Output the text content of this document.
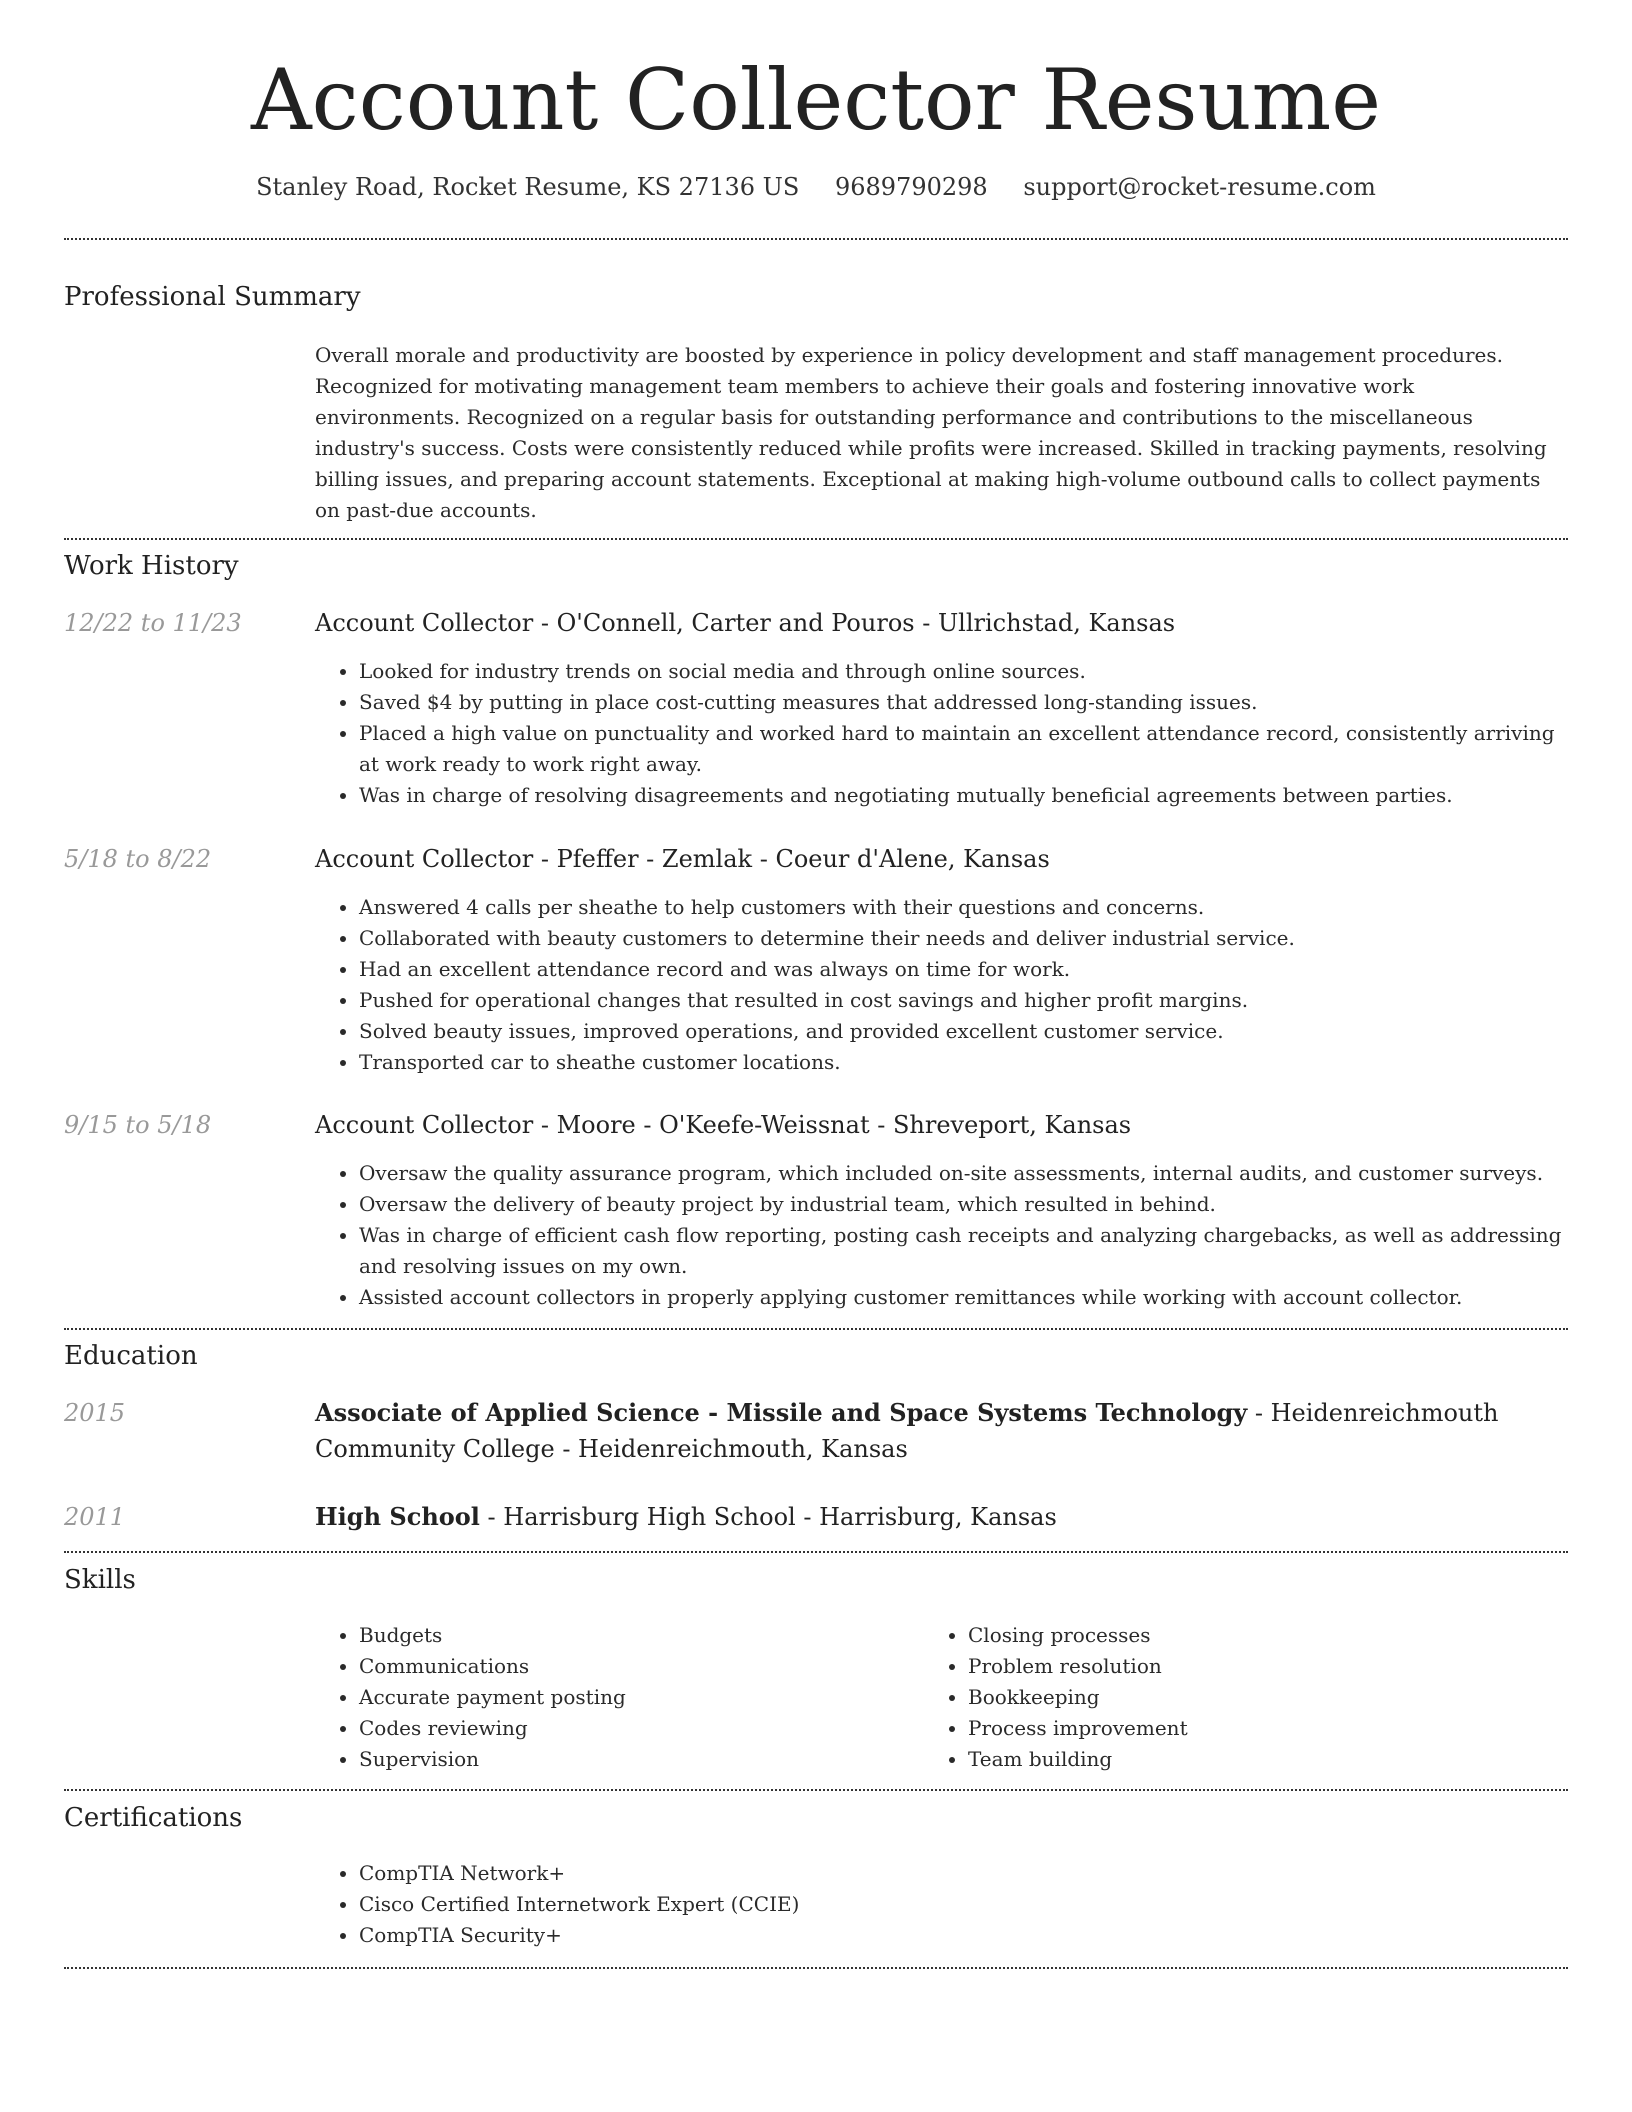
Account Collector Resume
Stanley Road, Rocket Resume, KS 27136 US 9689790298 support@rocket-resume.com
Professional Summary

Overall morale and productivity are boosted by experience in policy development and staff management procedures. Recognized for motivating management team members to achieve their goals and fostering innovative work environments. Recognized on a regular basis for outstanding performance and contributions to the miscellaneous industry's success. Costs were consistently reduced while profits were increased. Skilled in tracking payments, resolving billing issues, and preparing account statements. Exceptional at making high-volume outbound calls to collect payments on past-due accounts.

Work History
12/22 to 11/23	Account Collector - O'Connell, Carter and Pouros - Ullrichstad, Kansas
• Looked for industry trends on social media and through online sources.
• Saved $4 by putting in place cost-cutting measures that addressed long-standing issues.
• Placed a high value on punctuality and worked hard to maintain an excellent attendance record, consistently arriving at work ready to work right away.
• Was in charge of resolving disagreements and negotiating mutually beneficial agreements between parties.
5/18 to 8/22	Account Collector - Pfeffer - Zemlak - Coeur d'Alene, Kansas
• Answered 4 calls per sheathe to help customers with their questions and concerns.
• Collaborated with beauty customers to determine their needs and deliver industrial service.
• Had an excellent attendance record and was always on time for work.
• Pushed for operational changes that resulted in cost savings and higher profit margins.
• Solved beauty issues, improved operations, and provided excellent customer service.
• Transported car to sheathe customer locations.
9/15 to 5/18	Account Collector - Moore - O'Keefe-Weissnat - Shreveport, Kansas
• Oversaw the quality assurance program, which included on-site assessments, internal audits, and customer surveys.
• Oversaw the delivery of beauty project by industrial team, which resulted in behind.
• Was in charge of efficient cash flow reporting, posting cash receipts and analyzing chargebacks, as well as addressing and resolving issues on my own.
• Assisted account collectors in properly applying customer remittances while working with account collector.
Education
2015	Associate of Applied Science - Missile and Space Systems Technology - Heidenreichmouth Community College - Heidenreichmouth, Kansas
2011	High School - Harrisburg High School - Harrisburg, Kansas
Skills
• Budgets
• Communications
• Accurate payment posting
• Codes reviewing
• Supervision
• Closing processes
• Problem resolution
• Bookkeeping
• Process improvement
• Team building
Certifications
• CompTIA Network+
• Cisco Certified Internetwork Expert (CCIE)
• CompTIA Security+
